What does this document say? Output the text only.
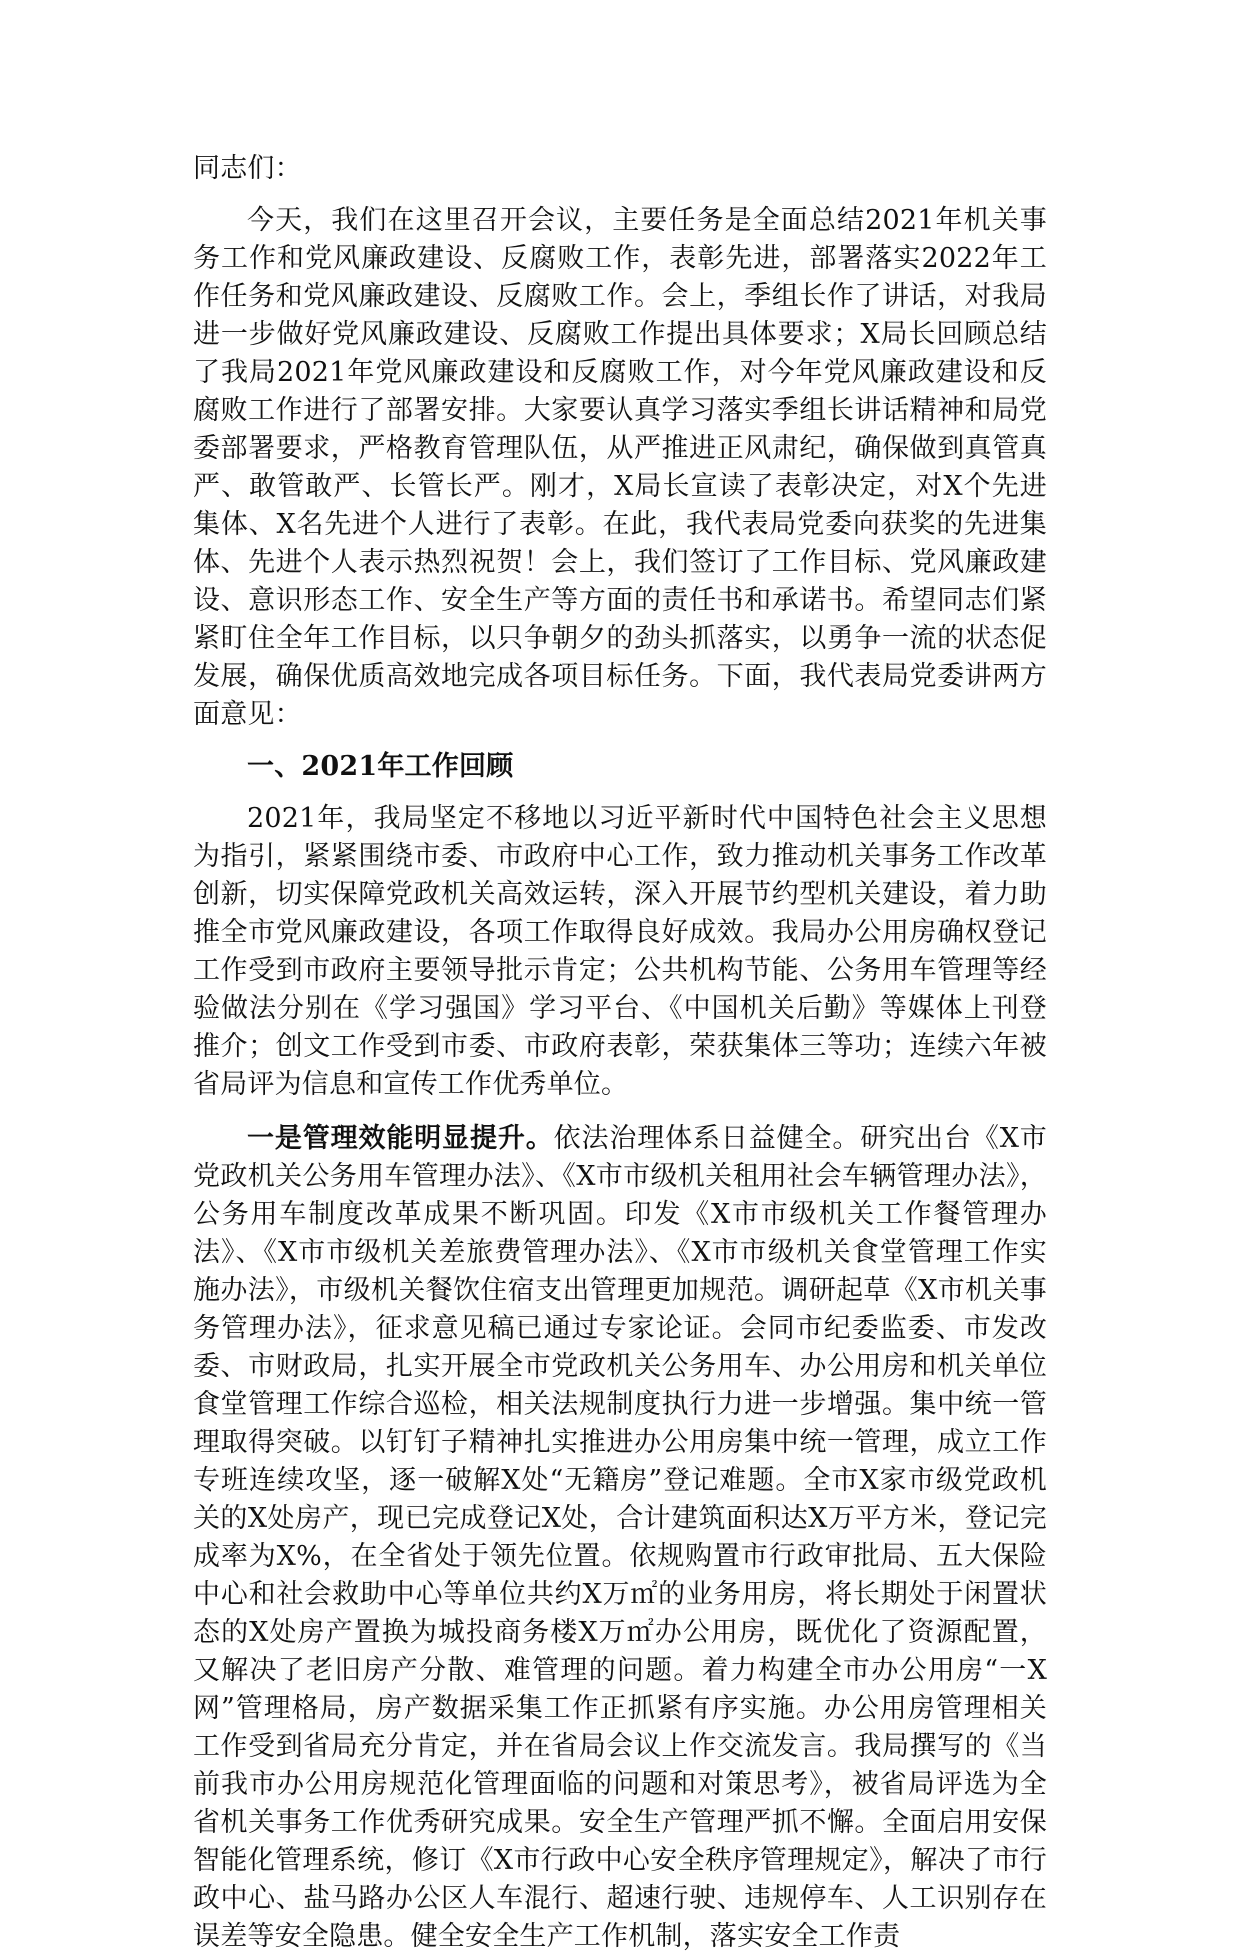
同志们：

今天，我们在这里召开会议，主要任务是全面总结2021年机关事务工作和党风廉政建设、反腐败工作，表彰先进，部署落实2022年工作任务和党风廉政建设、反腐败工作。会上，季组长作了讲话，对我局进一步做好党风廉政建设、反腐败工作提出具体要求；X局长回顾总结了我局2021年党风廉政建设和反腐败工作，对今年党风廉政建设和反腐败工作进行了部署安排。大家要认真学习落实季组长讲话精神和局党委部署要求，严格教育管理队伍，从严推进正风肃纪，确保做到真管真严、敢管敢严、长管长严。刚才，X局长宣读了表彰决定，对X个先进集体、X名先进个人进行了表彰。在此，我代表局党委向获奖的先进集体、先进个人表示热烈祝贺！会上，我们签订了工作目标、党风廉政建设、意识形态工作、安全生产等方面的责任书和承诺书。希望同志们紧紧盯住全年工作目标，以只争朝夕的劲头抓落实，以勇争一流的状态促发展，确保优质高效地完成各项目标任务。下面，我代表局党委讲两方面意见：

一、2021年工作回顾

2021年，我局坚定不移地以习近平新时代中国特色社会主义思想为指引，紧紧围绕市委、市政府中心工作，致力推动机关事务工作改革创新，切实保障党政机关高效运转，深入开展节约型机关建设，着力助推全市党风廉政建设，各项工作取得良好成效。我局办公用房确权登记工作受到市政府主要领导批示肯定；公共机构节能、公务用车管理等经验做法分别在《学习强国》学习平台、《中国机关后勤》等媒体上刊登推介；创文工作受到市委、市政府表彰，荣获集体三等功；连续六年被省局评为信息和宣传工作优秀单位。

一是管理效能明显提升。依法治理体系日益健全。研究出台《X市党政机关公务用车管理办法》、《X市市级机关租用社会车辆管理办法》，公务用车制度改革成果不断巩固。印发《X市市级机关工作餐管理办法》、《X市市级机关差旅费管理办法》、《X市市级机关食堂管理工作实施办法》，市级机关餐饮住宿支出管理更加规范。调研起草《X市机关事务管理办法》，征求意见稿已通过专家论证。会同市纪委监委、市发改委、市财政局，扎实开展全市党政机关公务用车、办公用房和机关单位食堂管理工作综合巡检，相关法规制度执行力进一步增强。集中统一管理取得突破。以钉钉子精神扎实推进办公用房集中统一管理，成立工作专班连续攻坚，逐一破解X处“无籍房”登记难题。全市X家市级党政机关的X处房产，现已完成登记X处，合计建筑面积达X万平方米，登记完成率为X%，在全省处于领先位置。依规购置市行政审批局、五大保险中心和社会救助中心等单位共约X万㎡的业务用房，将长期处于闲置状态的X处房产置换为城投商务楼X万㎡办公用房，既优化了资源配置，又解决了老旧房产分散、难管理的问题。着力构建全市办公用房“一X网”管理格局，房产数据采集工作正抓紧有序实施。办公用房管理相关工作受到省局充分肯定，并在省局会议上作交流发言。我局撰写的《当前我市办公用房规范化管理面临的问题和对策思考》，被省局评选为全省机关事务工作优秀研究成果。安全生产管理严抓不懈。全面启用安保智能化管理系统，修订《X市行政中心安全秩序管理规定》，解决了市行政中心、盐马路办公区人车混行、超速行驶、违规停车、人工识别存在误差等安全隐患。健全安全生产工作机制，落实安全工作责
